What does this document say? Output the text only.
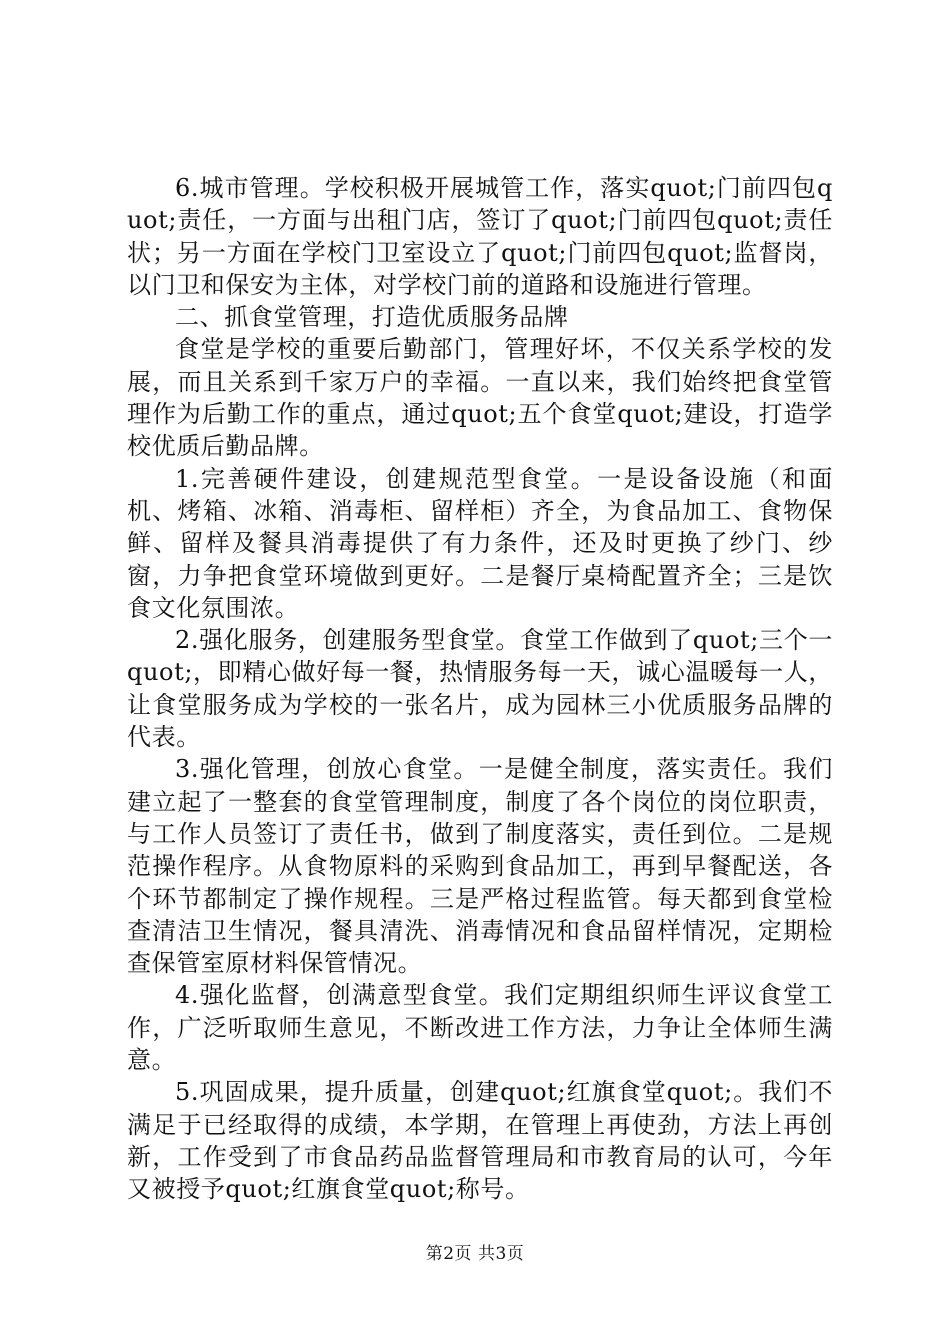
6.城市管理。学校积极开展城管工作，落实quot;门前四包quot;责任，一方面与出租门店，签订了quot;门前四包quot;责任状；另一方面在学校门卫室设立了quot;门前四包quot;监督岗，以门卫和保安为主体，对学校门前的道路和设施进行管理。

二、抓食堂管理，打造优质服务品牌

食堂是学校的重要后勤部门，管理好坏，不仅关系学校的发展，而且关系到千家万户的幸福。一直以来，我们始终把食堂管理作为后勤工作的重点，通过quot;五个食堂quot;建设，打造学校优质后勤品牌。

1.完善硬件建设，创建规范型食堂。一是设备设施（和面机、烤箱、冰箱、消毒柜、留样柜）齐全，为食品加工、食物保鲜、留样及餐具消毒提供了有力条件，还及时更换了纱门、纱窗，力争把食堂环境做到更好。二是餐厅桌椅配置齐全；三是饮食文化氛围浓。

2.强化服务，创建服务型食堂。食堂工作做到了quot;三个一quot;，即精心做好每一餐，热情服务每一天，诚心温暖每一人，让食堂服务成为学校的一张名片，成为园林三小优质服务品牌的代表。

3.强化管理，创放心食堂。一是健全制度，落实责任。我们建立起了一整套的食堂管理制度，制度了各个岗位的岗位职责，与工作人员签订了责任书，做到了制度落实，责任到位。二是规范操作程序。从食物原料的采购到食品加工，再到早餐配送，各个环节都制定了操作规程。三是严格过程监管。每天都到食堂检查清洁卫生情况，餐具清洗、消毒情况和食品留样情况，定期检查保管室原材料保管情况。

4.强化监督，创满意型食堂。我们定期组织师生评议食堂工作，广泛听取师生意见，不断改进工作方法，力争让全体师生满意。

5.巩固成果，提升质量，创建quot;红旗食堂quot;。我们不满足于已经取得的成绩，本学期，在管理上再使劲，方法上再创新，工作受到了市食品药品监督管理局和市教育局的认可，今年又被授予quot;红旗食堂quot;称号。

第2页 共3页
